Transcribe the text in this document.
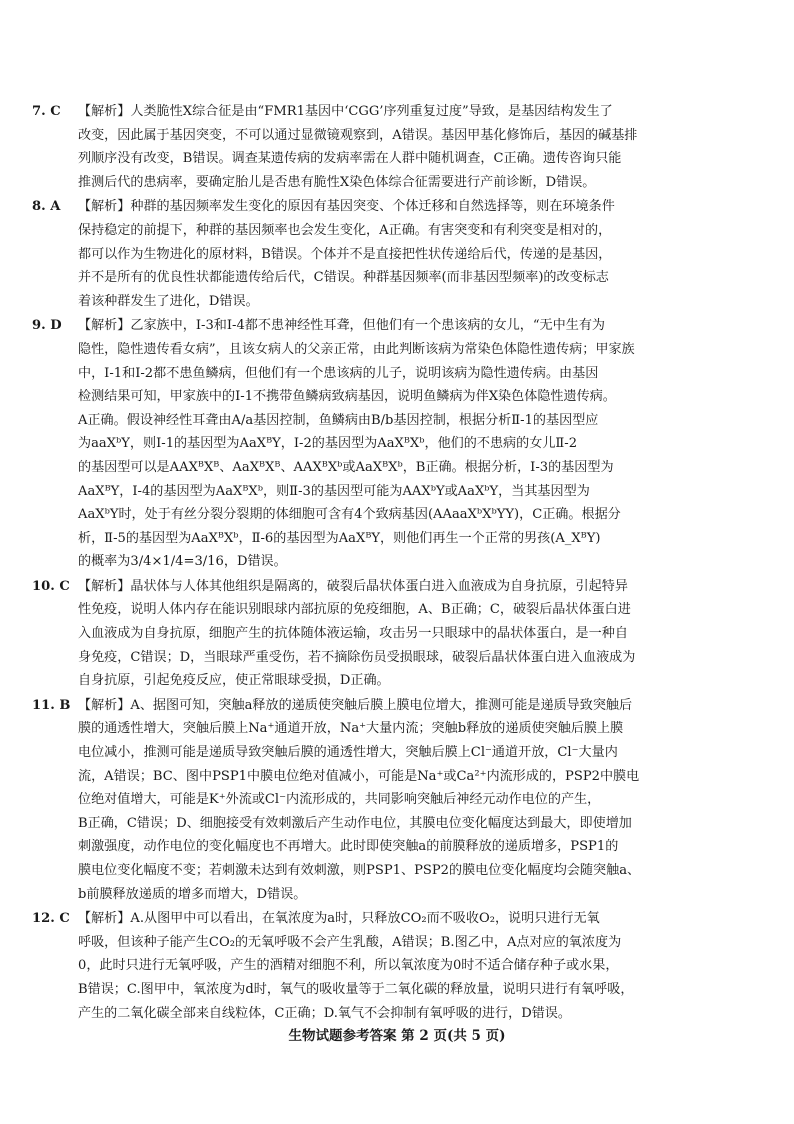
7. C	【解析】人类脆性X综合征是由“FMR1基因中‘CGG’序列重复过度”导致，是基因结构发生了

改变，因此属于基因突变，不可以通过显微镜观察到，A错误。基因甲基化修饰后，基因的碱基排

列顺序没有改变，B错误。调查某遗传病的发病率需在人群中随机调查，C正确。遗传咨询只能

推测后代的患病率，要确定胎儿是否患有脆性X染色体综合征需要进行产前诊断，D错误。

8. A	【解析】种群的基因频率发生变化的原因有基因突变、个体迁移和自然选择等，则在环境条件

保持稳定的前提下，种群的基因频率也会发生变化，A正确。有害突变和有利突变是相对的，

都可以作为生物进化的原材料，B错误。个体并不是直接把性状传递给后代，传递的是基因，

并不是所有的优良性状都能遗传给后代，C错误。种群基因频率(而非基因型频率)的改变标志

着该种群发生了进化，D错误。

9. D	【解析】乙家族中，Ⅰ-3和Ⅰ-4都不患神经性耳聋，但他们有一个患该病的女儿，“无中生有为

隐性，隐性遗传看女病”，且该女病人的父亲正常，由此判断该病为常染色体隐性遗传病；甲家族

中，Ⅰ-1和Ⅰ-2都不患鱼鳞病，但他们有一个患该病的儿子，说明该病为隐性遗传病。由基因

检测结果可知，甲家族中的Ⅰ-1不携带鱼鳞病致病基因，说明鱼鳞病为伴X染色体隐性遗传病。

A正确。假设神经性耳聋由A/a基因控制，鱼鳞病由B/b基因控制，根据分析Ⅱ-1的基因型应

为aaXᵇY，则Ⅰ-1的基因型为AaXᴮY，Ⅰ-2的基因型为AaXᴮXᵇ，他们的不患病的女儿Ⅱ-2

的基因型可以是AAXᴮXᴮ、AaXᴮXᴮ、AAXᴮXᵇ或AaXᴮXᵇ，B正确。根据分析，Ⅰ-3的基因型为

AaXᴮY，Ⅰ-4的基因型为AaXᴮXᵇ，则Ⅱ-3的基因型可能为AAXᵇY或AaXᵇY，当其基因型为

AaXᵇY时，处于有丝分裂分裂期的体细胞可含有4个致病基因(AAaaXᵇXᵇYY)，C正确。根据分

析，Ⅱ-5的基因型为AaXᴮXᵇ，Ⅱ-6的基因型为AaXᴮY，则他们再生一个正常的男孩(A_XᴮY)

的概率为3/4×1/4=3/16，D错误。

10. C 【解析】晶状体与人体其他组织是隔离的，破裂后晶状体蛋白进入血液成为自身抗原，引起特异

性免疫，说明人体内存在能识别眼球内部抗原的免疫细胞，A、B正确；C，破裂后晶状体蛋白进

入血液成为自身抗原，细胞产生的抗体随体液运输，攻击另一只眼球中的晶状体蛋白，是一种自

身免疫，C错误；D，当眼球严重受伤，若不摘除伤员受损眼球，破裂后晶状体蛋白进入血液成为

自身抗原，引起免疫反应，使正常眼球受损，D正确。

11. B 【解析】A、据图可知，突触a释放的递质使突触后膜上膜电位增大，推测可能是递质导致突触后

膜的通透性增大，突触后膜上Na⁺通道开放，Na⁺大量内流；突触b释放的递质使突触后膜上膜

电位减小，推测可能是递质导致突触后膜的通透性增大，突触后膜上Cl⁻通道开放，Cl⁻大量内

流，A错误；BC、图中PSP1中膜电位绝对值减小，可能是Na⁺或Ca²⁺内流形成的，PSP2中膜电

位绝对值增大，可能是K⁺外流或Cl⁻内流形成的，共同影响突触后神经元动作电位的产生，

B正确，C错误；D、细胞接受有效刺激后产生动作电位，其膜电位变化幅度达到最大，即使增加

刺激强度，动作电位的变化幅度也不再增大。此时即使突触a的前膜释放的递质增多，PSP1的

膜电位变化幅度不变；若刺激未达到有效刺激，则PSP1、PSP2的膜电位变化幅度均会随突触a、

b前膜释放递质的增多而增大，D错误。

12. C 【解析】A.从图甲中可以看出，在氧浓度为a时，只释放CO₂而不吸收O₂，说明只进行无氧

呼吸，但该种子能产生CO₂的无氧呼吸不会产生乳酸，A错误；B.图乙中，A点对应的氧浓度为

0，此时只进行无氧呼吸，产生的酒精对细胞不利，所以氧浓度为0时不适合储存种子或水果，

B错误；C.图甲中，氧浓度为d时，氧气的吸收量等于二氧化碳的释放量，说明只进行有氧呼吸，

产生的二氧化碳全部来自线粒体，C正确；D.氧气不会抑制有氧呼吸的进行，D错误。

生物试题参考答案 第 2 页(共 5 页)
